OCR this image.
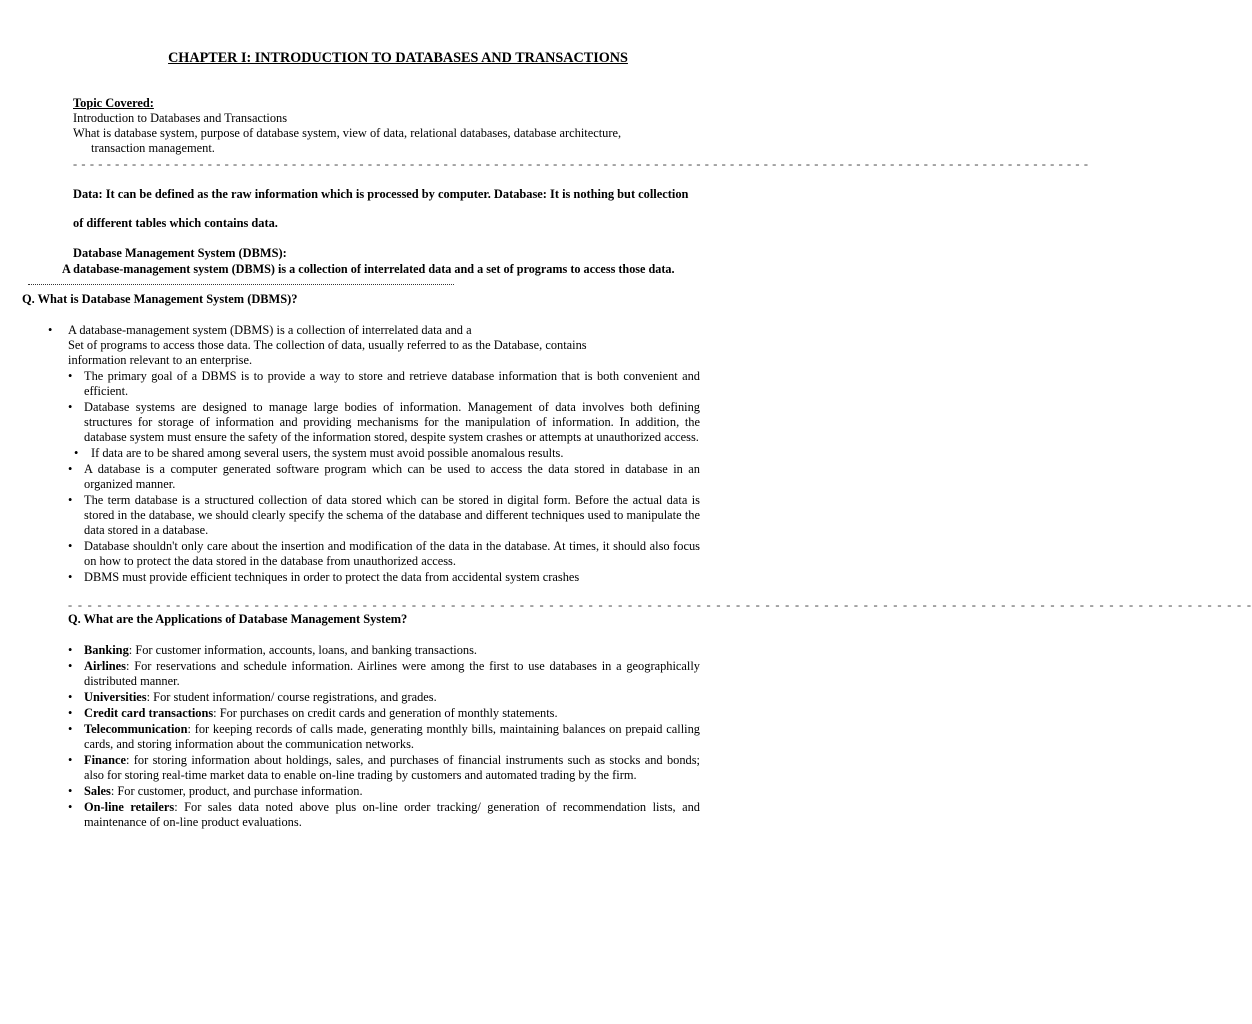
CHAPTER I: INTRODUCTION TO DATABASES AND TRANSACTIONS
Topic Covered:
Introduction to Databases and Transactions
What is database system, purpose of database system, view of data, relational databases, database architecture,
transaction management.
- - - - - - - - - - - - - - - - - - - - - - - - - - - - - - - - - - - - - - - - - - - - - - - - - - - - - - - - - - - - - - - - - - - - - - - - - - - - - - - - - - - - - - - - - - - - - - - - - - - - - - - - - - - - - - - - - - - - - - - - -
Data: It can be defined as the raw information which is processed by computer. Database: It is nothing but collection
of different tables which contains data.
Database Management System (DBMS):
A database-management system (DBMS) is a collection of interrelated data and a set of programs to access those data.
Q. What is Database Management System (DBMS)?
• A database-management system (DBMS) is a collection of interrelated data and a
Set of programs to access those data. The collection of data, usually referred to as the Database, contains
information relevant to an enterprise.
• The primary goal of a DBMS is to provide a way to store and retrieve database information that is both convenient and efficient.
• Database systems are designed to manage large bodies of information. Management of data involves both defining structures for storage of information and providing mechanisms for the manipulation of information. In addition, the database system must ensure the safety of the information stored, despite system crashes or attempts at unauthorized access.
• If data are to be shared among several users, the system must avoid possible anomalous results.
• A database is a computer generated software program which can be used to access the data stored in database in an organized manner.
• The term database is a structured collection of data stored which can be stored in digital form. Before the actual data is stored in the database, we should clearly specify the schema of the database and different techniques used to manipulate the data stored in a database.
• Database shouldn't only care about the insertion and modification of the data in the database. At times, it should also focus on how to protect the data stored in the database from unauthorized access.
• DBMS must provide efficient techniques in order to protect the data from accidental system crashes
- - - - - - - - - - - - - - - - - - - - - - - - - - - - - - - - - - - - - - - - - - - - - - - - - - - - - - - - - - - - - - - - - - - - - - - - - - - - - - - - - - - - - - - - - - - - - - - - - - - - - - - - - - - - - - - - - - - - - - - - -
Q. What are the Applications of Database Management System?
• Banking: For customer information, accounts, loans, and banking transactions.
• Airlines: For reservations and schedule information. Airlines were among the first to use databases in a geographically distributed manner.
• Universities: For student information/ course registrations, and grades.
• Credit card transactions: For purchases on credit cards and generation of monthly statements.
• Telecommunication: for keeping records of calls made, generating monthly bills, maintaining balances on prepaid calling cards, and storing information about the communication networks.
• Finance: for storing information about holdings, sales, and purchases of financial instruments such as stocks and bonds; also for storing real-time market data to enable on-line trading by customers and automated trading by the firm.
• Sales: For customer, product, and purchase information.
• On-line retailers: For sales data noted above plus on-line order tracking/ generation of recommendation lists, and maintenance of on-line product evaluations.
